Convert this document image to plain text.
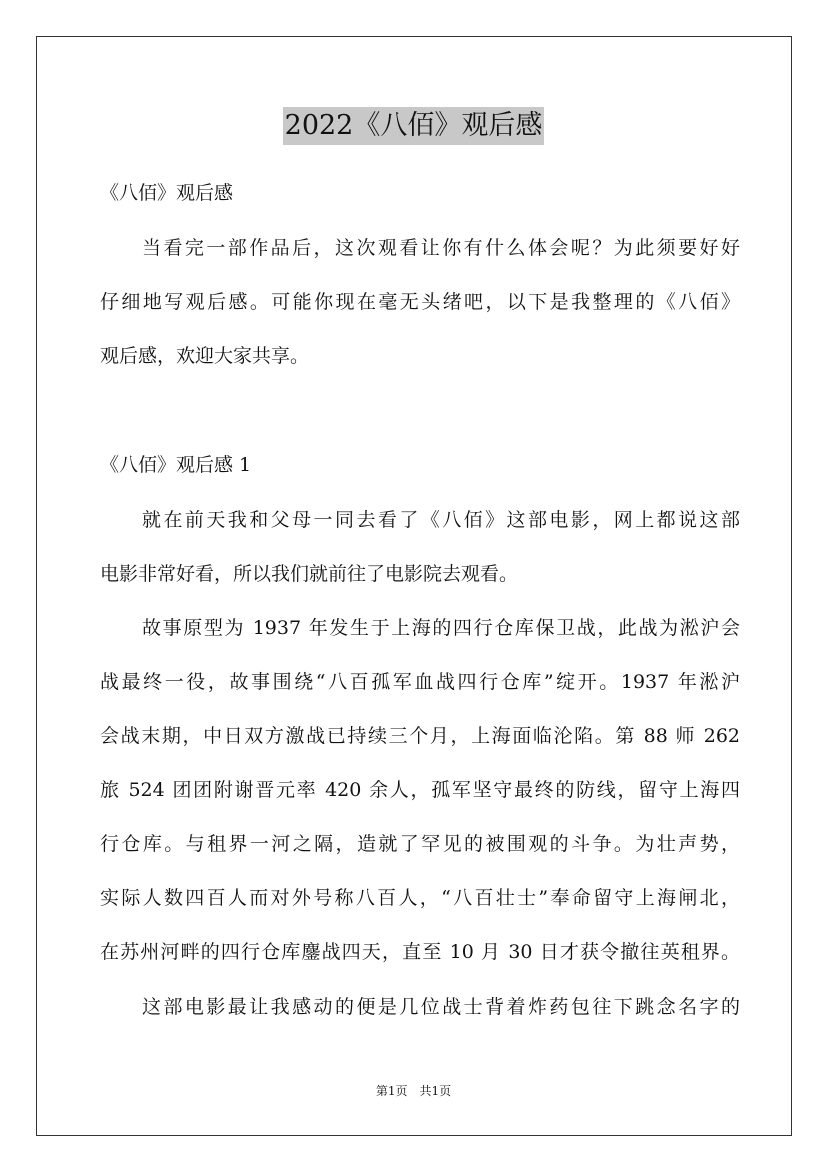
2022《八佰》观后感

《八佰》观后感

当看完一部作品后，这次观看让你有什么体会呢？为此须要好好

仔细地写观后感。可能你现在毫无头绪吧，以下是我整理的《八佰》

观后感，欢迎大家共享。

《八佰》观后感 1

就在前天我和父母一同去看了《八佰》这部电影，网上都说这部

电影非常好看，所以我们就前往了电影院去观看。

故事原型为 1937 年发生于上海的四行仓库保卫战，此战为淞沪会

战最终一役，故事围绕“八百孤军血战四行仓库”绽开。1937 年淞沪

会战末期，中日双方激战已持续三个月，上海面临沦陷。第 88 师 262

旅 524 团团附谢晋元率 420 余人，孤军坚守最终的防线，留守上海四

行仓库。与租界一河之隔，造就了罕见的被围观的斗争。为壮声势，

实际人数四百人而对外号称八百人，“八百壮士”奉命留守上海闸北，

在苏州河畔的四行仓库鏖战四天，直至 10 月 30 日才获令撤往英租界。

这部电影最让我感动的便是几位战士背着炸药包往下跳念名字的

第1页　共1页
